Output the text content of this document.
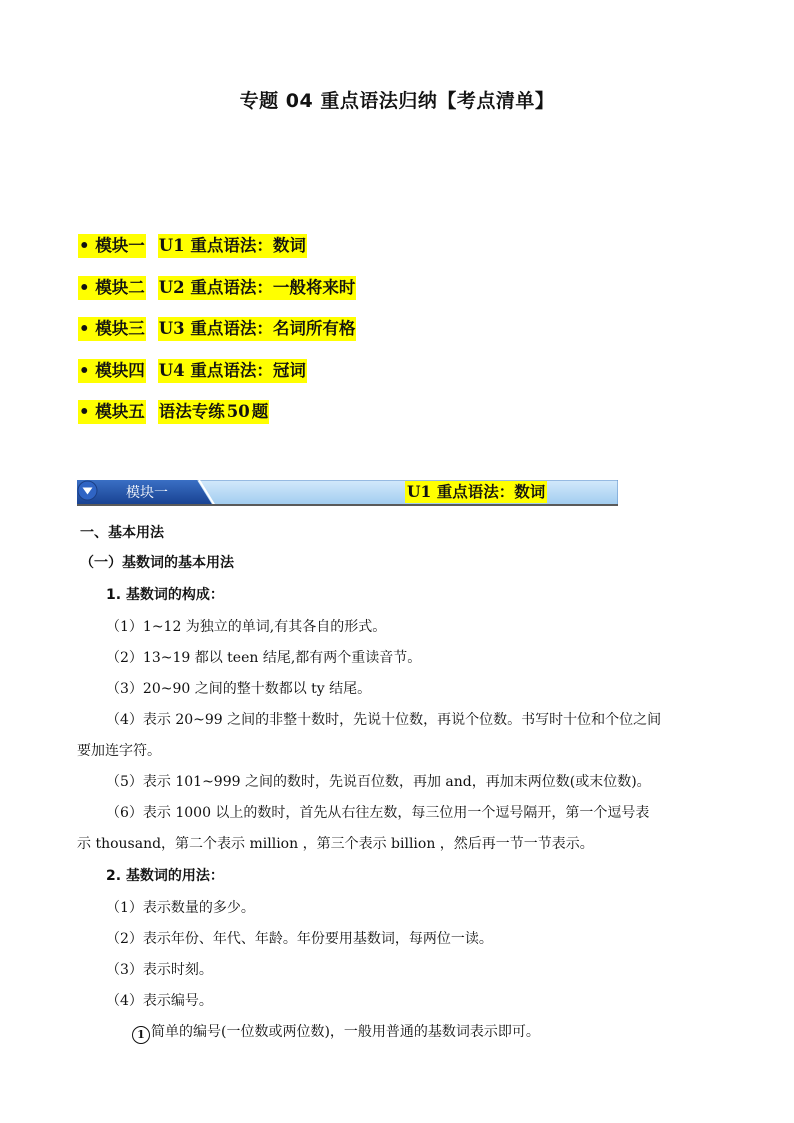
专题 04 重点语法归纳【考点清单】
• 模块一 U1 重点语法：数词
• 模块二 U2 重点语法：一般将来时
• 模块三 U3 重点语法：名词所有格
• 模块四 U4 重点语法：冠词
• 模块五 语法专练 50 题
模块一	U1 重点语法：数词
一、基本用法
（一）基数词的基本用法
1. 基数词的构成：
（1）1~12 为独立的单词,有其各自的形式。
（2）13~19 都以 teen 结尾,都有两个重读音节。
（3）20~90 之间的整十数都以 ty 结尾。
（4）表示 20~99 之间的非整十数时，先说十位数，再说个位数。书写时十位和个位之间
要加连字符。
（5）表示 101~999 之间的数时，先说百位数，再加 and，再加末两位数(或末位数)。
（6）表示 1000 以上的数时，首先从右往左数，每三位用一个逗号隔开，第一个逗号表
示 thousand，第二个表示 million ，第三个表示 billion ，然后再一节一节表示。
2. 基数词的用法：
（1）表示数量的多少。
（2）表示年份、年代、年龄。年份要用基数词，每两位一读。
（3）表示时刻。
（4）表示编号。
1 简单的编号(一位数或两位数)，一般用普通的基数词表示即可。
